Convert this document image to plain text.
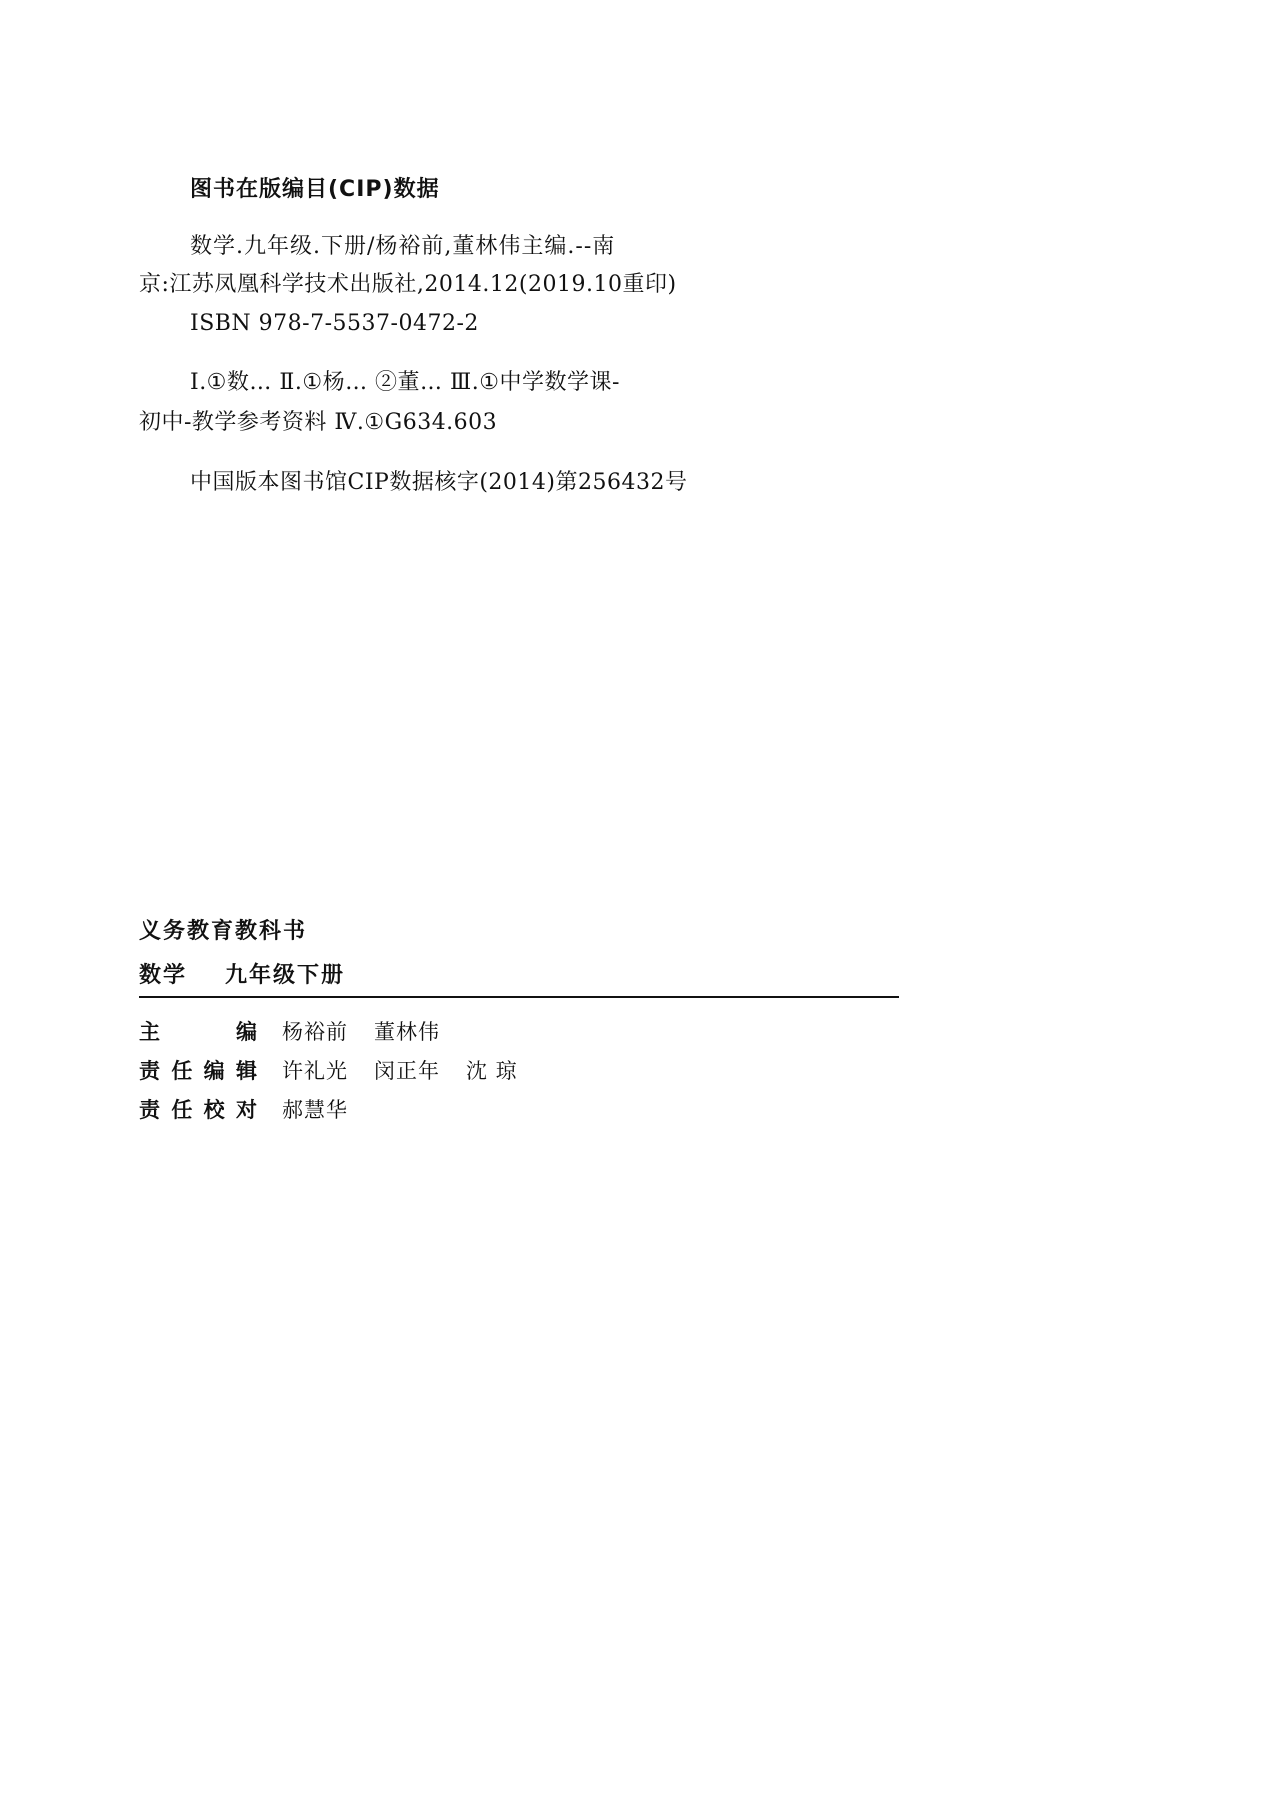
图书在版编目(CIP)数据
数学.九年级.下册/杨裕前,董林伟主编.--南
京:江苏凤凰科学技术出版社,2014.12(2019.10重印)
ISBN 978-7-5537-0472-2
Ⅰ.①数… Ⅱ.①杨… ②董… Ⅲ.①中学数学课-
初中-教学参考资料 Ⅳ.①G634.603
中国版本图书馆CIP数据核字(2014)第256432号
义务教育教科书
数学 九年级下册
主	编 杨裕前 董林伟
责 任 编 辑 许礼光 闵正年 沈 琼
责 任 校 对 郝慧华
